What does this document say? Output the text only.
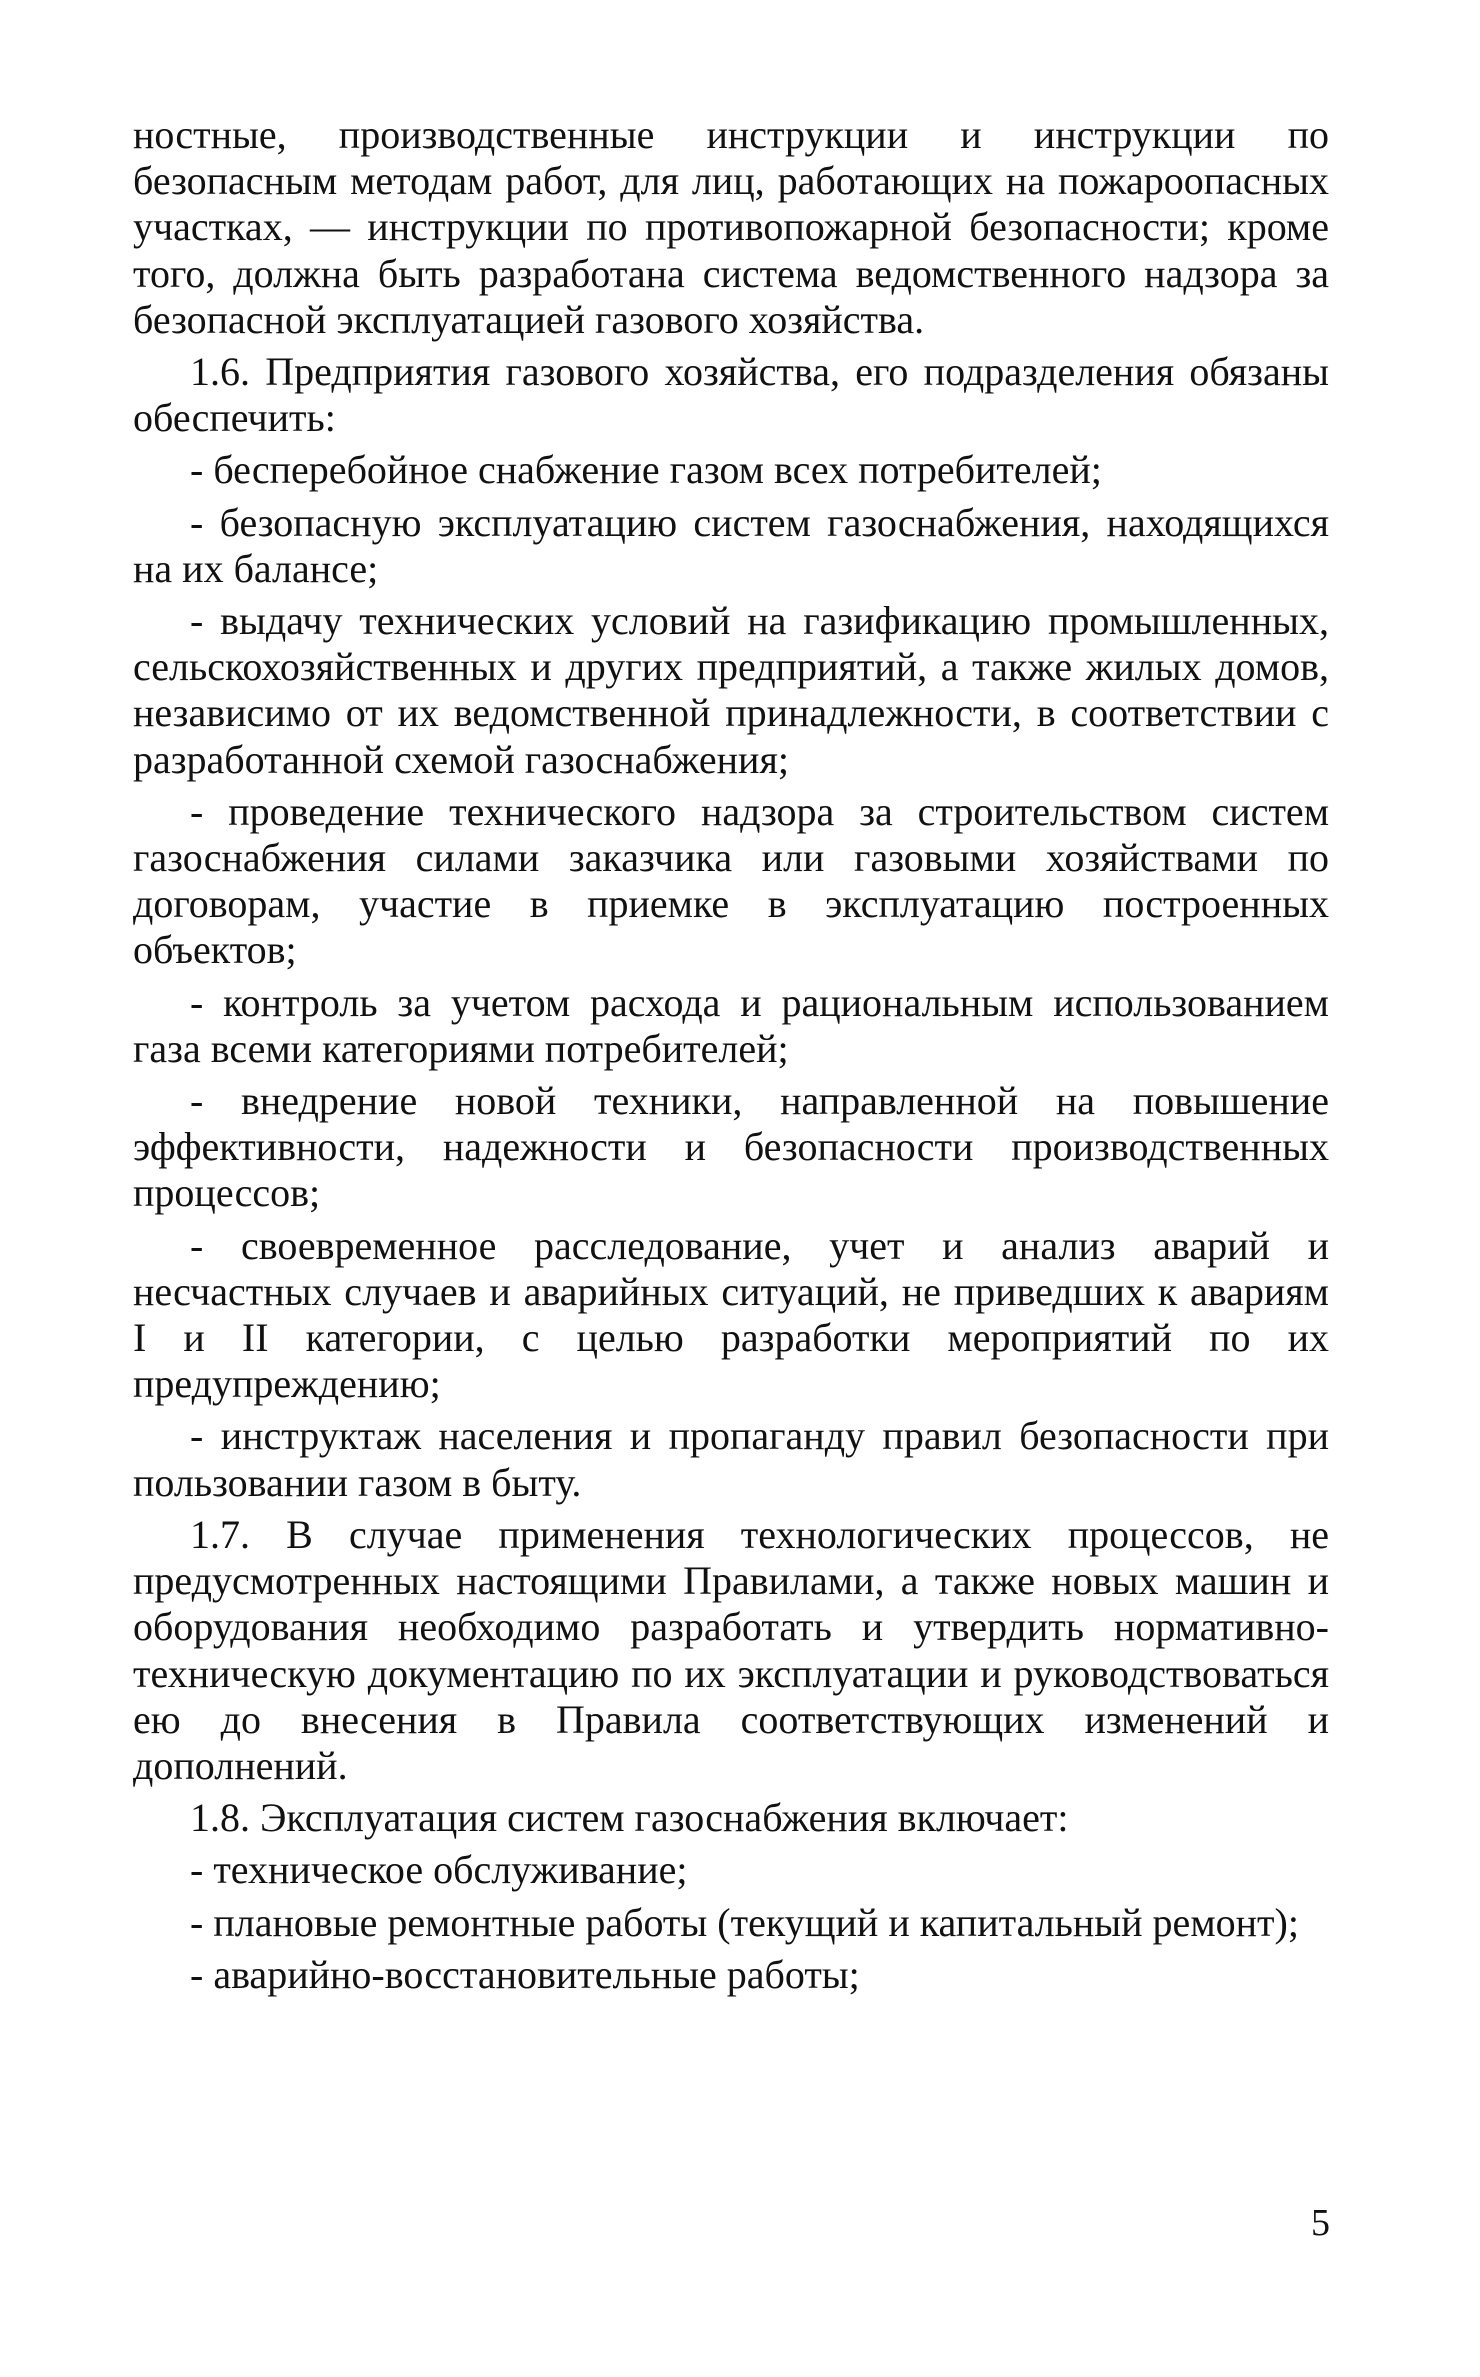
ностные, производственные инструкции и инструкции по безопасным методам работ, для лиц, работающих на пожароопасных участках, — инструкции по противопожарной безопасности; кроме того, должна быть разработана система ведомственного надзора за безопасной эксплуатацией газового хозяйства.

1.6. Предприятия газового хозяйства, его подразделения обязаны обеспечить:

- бесперебойное снабжение газом всех потребителей;

- безопасную эксплуатацию систем газоснабжения, находящихся на их балансе;

- выдачу технических условий на газификацию промышленных, сельскохозяйственных и других предприятий, а также жилых домов, независимо от их ведомственной принадлежности, в соответствии с разработанной схемой газоснабжения;

- проведение технического надзора за строительством систем газоснабжения силами заказчика или газовыми хозяйствами по договорам, участие в приемке в эксплуатацию построенных объектов;

- контроль за учетом расхода и рациональным использованием газа всеми категориями потребителей;

- внедрение новой техники, направленной на повышение эффективности, надежности и безопасности производственных процессов;

- своевременное расследование, учет и анализ аварий и несчастных случаев и аварийных ситуаций, не приведших к авариям I и II категории, с целью разработки мероприятий по их предупреждению;

- инструктаж населения и пропаганду правил безопасности при пользовании газом в быту.

1.7. В случае применения технологических процессов, не предусмотренных настоящими Правилами, а также новых машин и оборудования необходимо разработать и утвердить нормативно-техническую документацию по их эксплуатации и руководствоваться ею до внесения в Правила соответствующих изменений и дополнений.

1.8. Эксплуатация систем газоснабжения включает:

- техническое обслуживание;

- плановые ремонтные работы (текущий и капитальный ремонт);

- аварийно-восстановительные работы;

5
